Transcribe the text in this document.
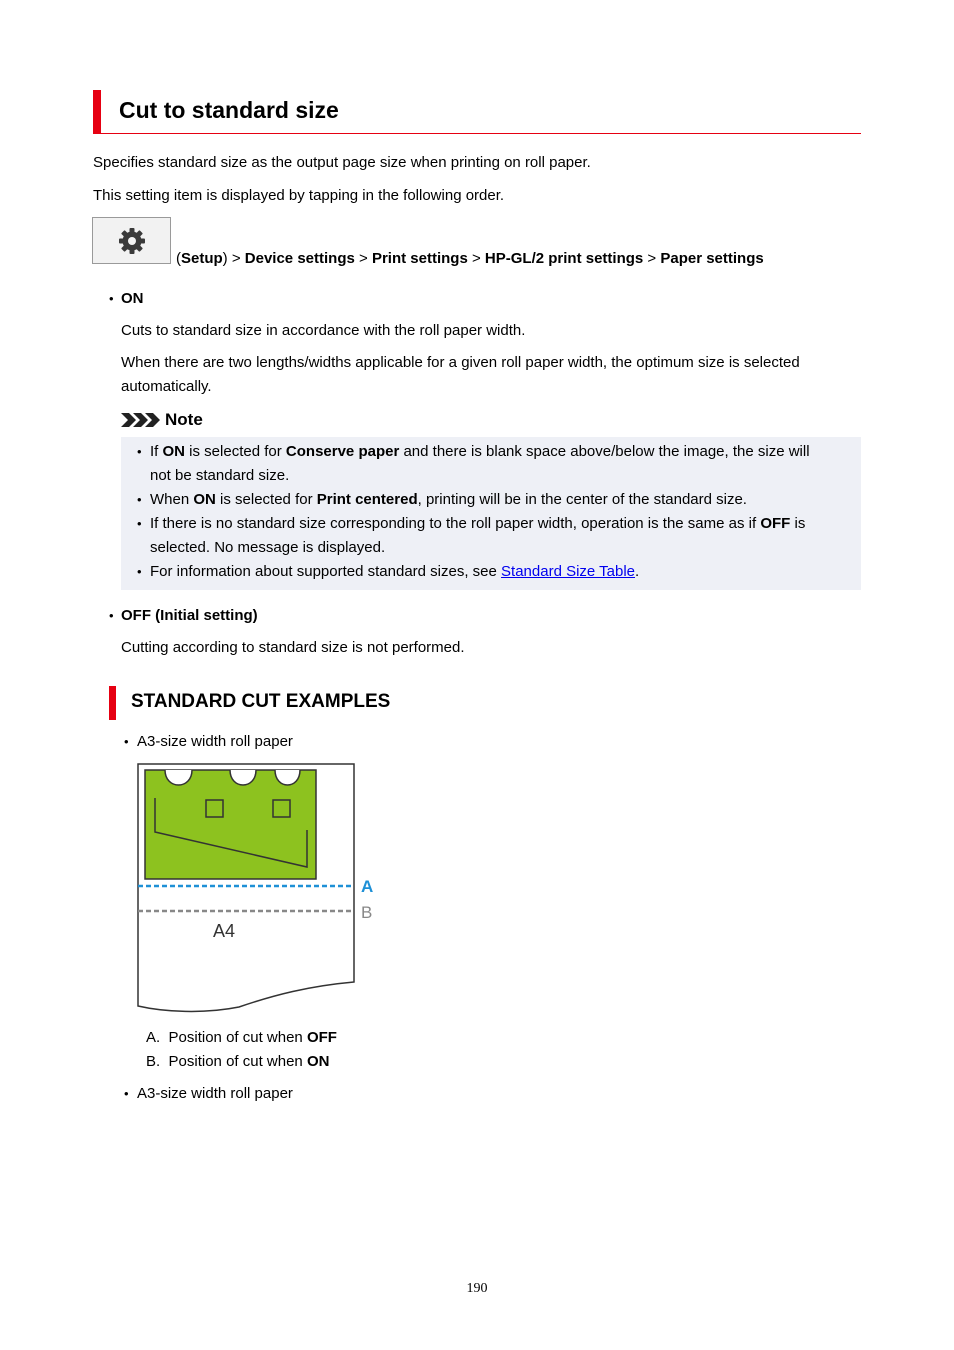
Cut to standard size
Specifies standard size as the output page size when printing on roll paper.
This setting item is displayed by tapping in the following order.
(Setup) > Device settings > Print settings > HP-GL/2 print settings > Paper settings
• ON
Cuts to standard size in accordance with the roll paper width.
When there are two lengths/widths applicable for a given roll paper width, the optimum size is selected
automatically.
Note
• If ON is selected for Conserve paper and there is blank space above/below the image, the size will
not be standard size.
• When ON is selected for Print centered, printing will be in the center of the standard size.
• If there is no standard size corresponding to the roll paper width, operation is the same as if OFF is
selected. No message is displayed.
• For information about supported standard sizes, see Standard Size Table.
• OFF (Initial setting)
Cutting according to standard size is not performed.
STANDARD CUT EXAMPLES
• A3-size width roll paper
A
B
A4
A. Position of cut when OFF
B. Position of cut when ON
• A3-size width roll paper
190
